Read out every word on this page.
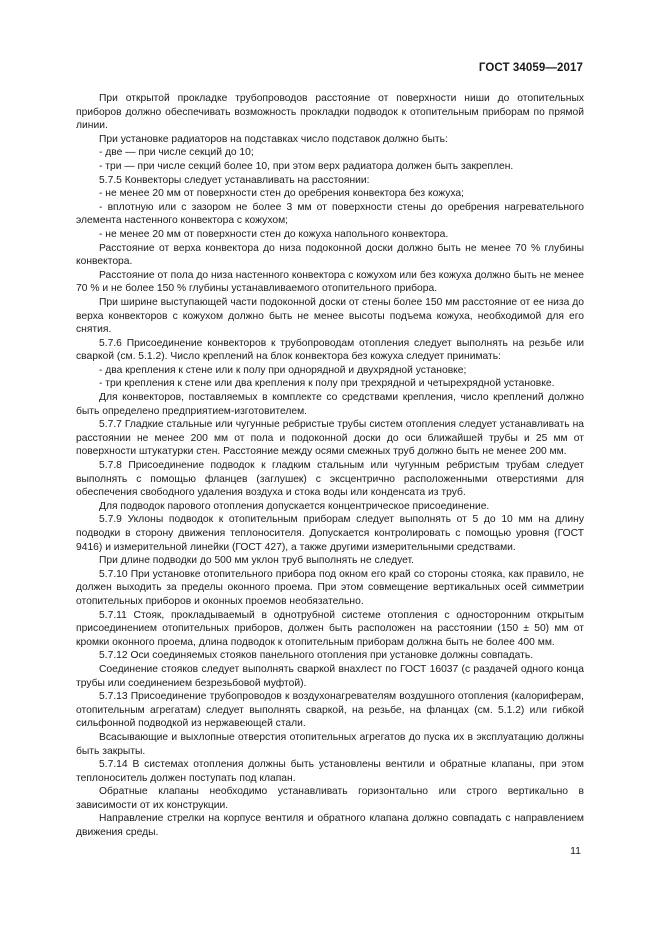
ГОСТ 34059—2017

При открытой прокладке трубопроводов расстояние от поверхности ниши до отопительных приборов должно обеспечивать возможность прокладки подводок к отопительным приборам по прямой линии.

При установке радиаторов на подставках число подставок должно быть:

- две — при числе секций до 10;

- три — при числе секций более 10, при этом верх радиатора должен быть закреплен.

5.7.5 Конвекторы следует устанавливать на расстоянии:

- не менее 20 мм от поверхности стен до оребрения конвектора без кожуха;

- вплотную или с зазором не более 3 мм от поверхности стены до оребрения нагревательного элемента настенного конвектора с кожухом;

- не менее 20 мм от поверхности стен до кожуха напольного конвектора.

Расстояние от верха конвектора до низа подоконной доски должно быть не менее 70 % глубины конвектора.

Расстояние от пола до низа настенного конвектора с кожухом или без кожуха должно быть не менее 70 % и не более 150 % глубины устанавливаемого отопительного прибора.

При ширине выступающей части подоконной доски от стены более 150 мм расстояние от ее низа до верха конвекторов с кожухом должно быть не менее высоты подъема кожуха, необходимой для его снятия.

5.7.6 Присоединение конвекторов к трубопроводам отопления следует выполнять на резьбе или сваркой (см. 5.1.2). Число креплений на блок конвектора без кожуха следует принимать:

- два крепления к стене или к полу при однорядной и двухрядной установке;

- три крепления к стене или два крепления к полу при трехрядной и четырехрядной установке.

Для конвекторов, поставляемых в комплекте со средствами крепления, число креплений должно быть определено предприятием-изготовителем.

5.7.7 Гладкие стальные или чугунные ребристые трубы систем отопления следует устанавливать на расстоянии не менее 200 мм от пола и подоконной доски до оси ближайшей трубы и 25 мм от поверхности штукатурки стен. Расстояние между осями смежных труб должно быть не менее 200 мм.

5.7.8 Присоединение подводок к гладким стальным или чугунным ребристым трубам следует выполнять с помощью фланцев (заглушек) с эксцентрично расположенными отверстиями для обеспечения свободного удаления воздуха и стока воды или конденсата из труб.

Для подводок парового отопления допускается концентрическое присоединение.

5.7.9 Уклоны подводок к отопительным приборам следует выполнять от 5 до 10 мм на длину подводки в сторону движения теплоносителя. Допускается контролировать с помощью уровня (ГОСТ 9416) и измерительной линейки (ГОСТ 427), а также другими измерительными средствами.

При длине подводки до 500 мм уклон труб выполнять не следует.

5.7.10 При установке отопительного прибора под окном его край со стороны стояка, как правило, не должен выходить за пределы оконного проема. При этом совмещение вертикальных осей симметрии отопительных приборов и оконных проемов необязательно.

5.7.11 Стояк, прокладываемый в однотрубной системе отопления с односторонним открытым присоединением отопительных приборов, должен быть расположен на расстоянии (150 ± 50) мм от кромки оконного проема, длина подводок к отопительным приборам должна быть не более 400 мм.

5.7.12 Оси соединяемых стояков панельного отопления при установке должны совпадать.

Соединение стояков следует выполнять сваркой внахлест по ГОСТ 16037 (с раздачей одного конца трубы или соединением безрезьбовой муфтой).

5.7.13 Присоединение трубопроводов к воздухонагревателям воздушного отопления (калориферам, отопительным агрегатам) следует выполнять сваркой, на резьбе, на фланцах (см. 5.1.2) или гибкой сильфонной подводкой из нержавеющей стали.

Всасывающие и выхлопные отверстия отопительных агрегатов до пуска их в эксплуатацию должны быть закрыты.

5.7.14 В системах отопления должны быть установлены вентили и обратные клапаны, при этом теплоноситель должен поступать под клапан.

Обратные клапаны необходимо устанавливать горизонтально или строго вертикально в зависимости от их конструкции.

Направление стрелки на корпусе вентиля и обратного клапана должно совпадать с направлением движения среды.

11
